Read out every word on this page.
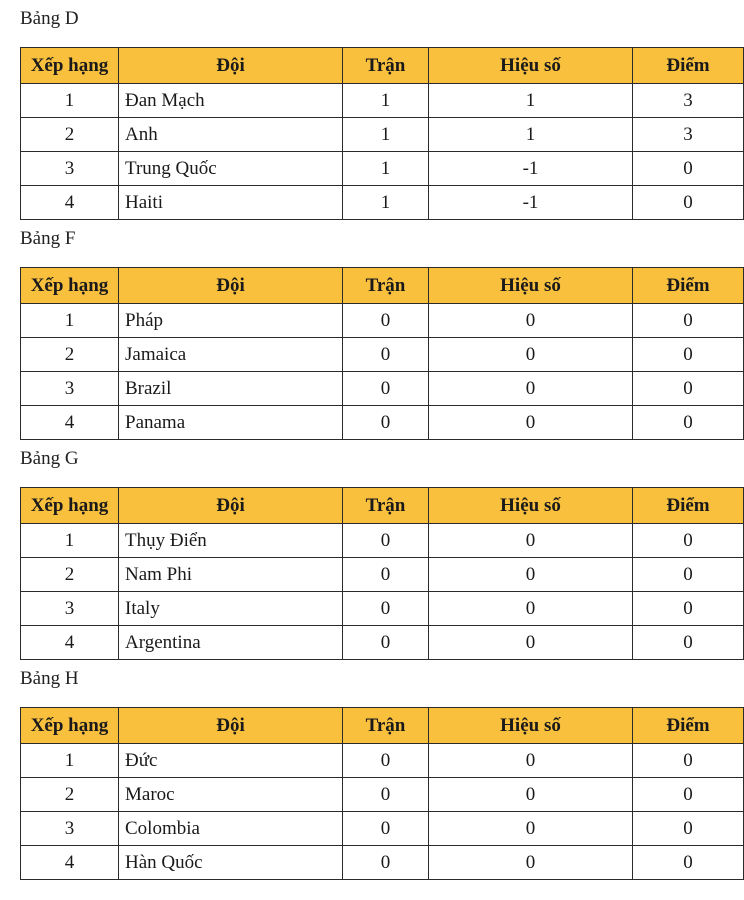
Bảng D
Xếp hạng	Đội	Trận	Hiệu số	Điểm
1	Đan Mạch	1	1	3
2	Anh	1	1	3
3	Trung Quốc	1	-1	0
4	Haiti	1	-1	0
Bảng F
Xếp hạng	Đội	Trận	Hiệu số	Điểm
1	Pháp	0	0	0
2	Jamaica	0	0	0
3	Brazil	0	0	0
4	Panama	0	0	0
Bảng G
Xếp hạng	Đội	Trận	Hiệu số	Điểm
1	Thụy Điển	0	0	0
2	Nam Phi	0	0	0
3	Italy	0	0	0
4	Argentina	0	0	0
Bảng H
Xếp hạng	Đội	Trận	Hiệu số	Điểm
1	Đức	0	0	0
2	Maroc	0	0	0
3	Colombia	0	0	0
4	Hàn Quốc	0	0	0
